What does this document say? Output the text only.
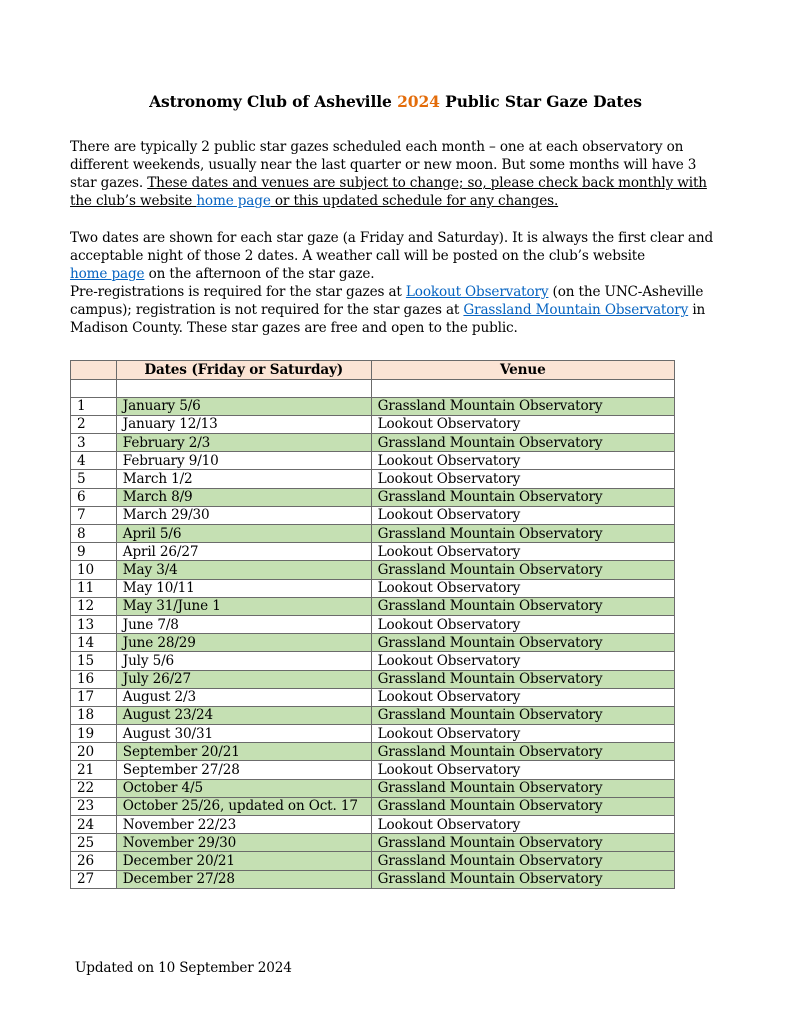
Astronomy Club of Asheville 2024 Public Star Gaze Dates
There are typically 2 public star gazes scheduled each month – one at each observatory on different weekends, usually near the last quarter or new moon. But some months will have 3 star gazes. These dates and venues are subject to change; so, please check back monthly with the club’s website home page or this updated schedule for any changes.
Two dates are shown for each star gaze (a Friday and Saturday). It is always the first clear and acceptable night of those 2 dates. A weather call will be posted on the club’s website
home page on the afternoon of the star gaze.
Pre-registrations is required for the star gazes at Lookout Observatory (on the UNC-Asheville campus); registration is not required for the star gazes at Grassland Mountain Observatory in Madison County. These star gazes are free and open to the public.
	Dates (Friday or Saturday)	Venue

1	January 5/6	Grassland Mountain Observatory
2	January 12/13	Lookout Observatory
3	February 2/3	Grassland Mountain Observatory
4	February 9/10	Lookout Observatory
5	March 1/2	Lookout Observatory
6	March 8/9	Grassland Mountain Observatory
7	March 29/30	Lookout Observatory
8	April 5/6	Grassland Mountain Observatory
9	April 26/27	Lookout Observatory
10	May 3/4	Grassland Mountain Observatory
11	May 10/11	Lookout Observatory
12	May 31/June 1	Grassland Mountain Observatory
13	June 7/8	Lookout Observatory
14	June 28/29	Grassland Mountain Observatory
15	July 5/6	Lookout Observatory
16	July 26/27	Grassland Mountain Observatory
17	August 2/3	Lookout Observatory
18	August 23/24	Grassland Mountain Observatory
19	August 30/31	Lookout Observatory
20	September 20/21	Grassland Mountain Observatory
21	September 27/28	Lookout Observatory
22	October 4/5	Grassland Mountain Observatory
23	October 25/26, updated on Oct. 17	Grassland Mountain Observatory
24	November 22/23	Lookout Observatory
25	November 29/30	Grassland Mountain Observatory
26	December 20/21	Grassland Mountain Observatory
27	December 27/28	Grassland Mountain Observatory
Updated on 10 September 2024
